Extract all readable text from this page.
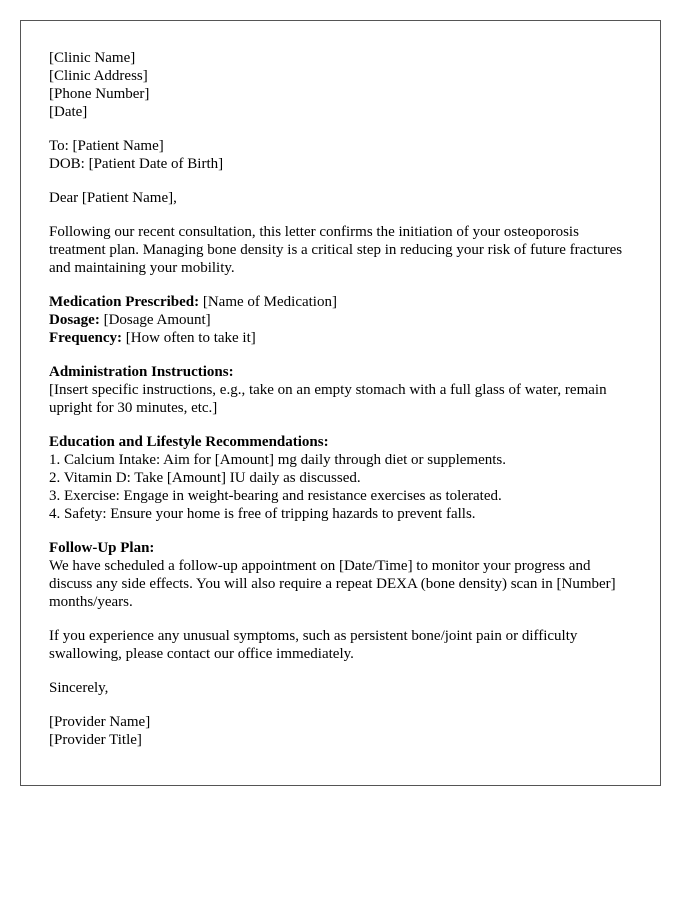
[Clinic Name]
[Clinic Address]
[Phone Number]
[Date]

To: [Patient Name]
DOB: [Patient Date of Birth]

Dear [Patient Name],

Following our recent consultation, this letter confirms the initiation of your osteoporosis treatment plan. Managing bone density is a critical step in reducing your risk of future fractures and maintaining your mobility.

Medication Prescribed: [Name of Medication]
Dosage: [Dosage Amount]
Frequency: [How often to take it]

Administration Instructions:
[Insert specific instructions, e.g., take on an empty stomach with a full glass of water, remain upright for 30 minutes, etc.]

Education and Lifestyle Recommendations:
1. Calcium Intake: Aim for [Amount] mg daily through diet or supplements.
2. Vitamin D: Take [Amount] IU daily as discussed.
3. Exercise: Engage in weight-bearing and resistance exercises as tolerated.
4. Safety: Ensure your home is free of tripping hazards to prevent falls.

Follow-Up Plan:
We have scheduled a follow-up appointment on [Date/Time] to monitor your progress and discuss any side effects. You will also require a repeat DEXA (bone density) scan in [Number] months/years.

If you experience any unusual symptoms, such as persistent bone/joint pain or difficulty swallowing, please contact our office immediately.

Sincerely,

[Provider Name]
[Provider Title]
